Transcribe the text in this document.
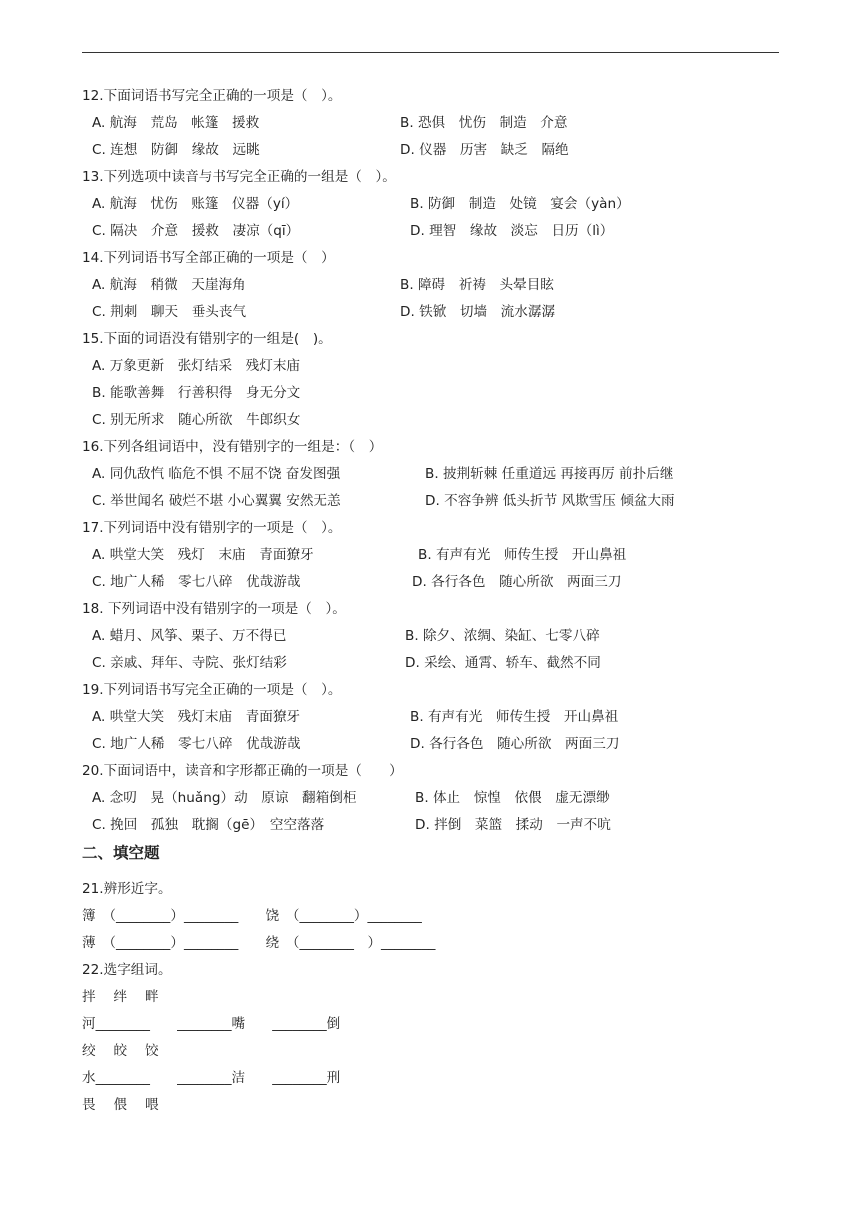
12.下面词语书写完全正确的一项是（　）。
A. 航海　荒岛　帐篷　援救	B. 恐俱　忧伤　制造　介意
C. 连想　防御　缘故　远眺	D. 仪器　历害　缺乏　隔绝
13.下列选项中读音与书写完全正确的一组是（　）。
A. 航海　忧伤　账篷　仪器（yí）	B. 防御　制造　处镜　宴会（yàn）
C. 隔决　介意　援救　凄凉（qī）	D. 理智　缘故　淡忘　日历（lì）
14.下列词语书写全部正确的一项是（　）
A. 航海　稍微　天崖海角	B. 障碍　祈祷　头晕目眩
C. 荆刺　聊天　垂头丧气	D. 铁锨　切墙　流水潺潺
15.下面的词语没有错别字的一组是(　)。
A. 万象更新　张灯结采　残灯末庙
B. 能歌善舞　行善积得　身无分文
C. 别无所求　随心所欲　牛郎织女
16.下列各组词语中，没有错别字的一组是：（　）
A. 同仇敌忾 临危不惧 不屈不饶 奋发图强	B. 披荆斩棘 任重道远 再接再厉 前扑后继
C. 举世闻名 破烂不堪 小心翼翼 安然无恙	D. 不容争辨 低头折节 风欺雪压 倾盆大雨
17.下列词语中没有错别字的一项是（　）。
A. 哄堂大笑　残灯　末庙　青面獠牙	B. 有声有光　师传生授　开山鼻祖
C. 地广人稀　零七八碎　优哉游哉	D. 各行各色　随心所欲　两面三刀
18. 下列词语中没有错别字的一项是（　）。
A. 蜡月、风筝、栗子、万不得已	B. 除夕、浓绸、染缸、七零八碎
C. 亲戚、拜年、寺院、张灯结彩	D. 采绘、通霄、轿车、截然不同
19.下列词语书写完全正确的一项是（　）。
A. 哄堂大笑　残灯末庙　青面獠牙	B. 有声有光　师传生授　开山鼻祖
C. 地广人稀　零七八碎　优哉游哉	D. 各行各色　随心所欲　两面三刀
20.下面词语中，读音和字形都正确的一项是（　　）
A. 念叨　晃（huǎng）动　原谅　翻箱倒柜	B. 体止　惊惶　依偎　虚无漂缈
C. 挽回　孤独　耽搁（gē）　空空落落	D. 拌倒　菜篮　揉动　一声不吭
二、填空题
21.辨形近字。
簿　（________）________　　饶　（________）________
薄　（________）________　　绕　（________　）________
22.选字组词。
拌　 绊　 畔
河________　　________嘴　　________倒
绞　 皎　 饺
水________　　________洁　　________刑
畏　 偎　 喂
